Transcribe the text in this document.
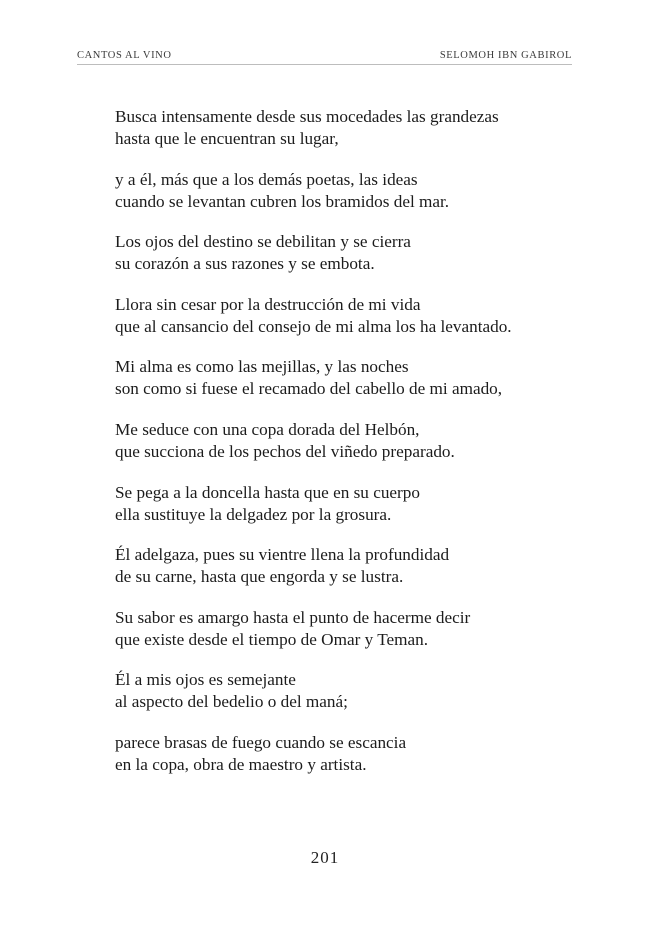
CANTOS AL VINO	SELOMOH IBN GABIROL
Busca intensamente desde sus mocedades las grandezas
hasta que le encuentran su lugar,
y a él, más que a los demás poetas, las ideas
cuando se levantan cubren los bramidos del mar.
Los ojos del destino se debilitan y se cierra
su corazón a sus razones y se embota.
Llora sin cesar por la destrucción de mi vida
que al cansancio del consejo de mi alma los ha levantado.
Mi alma es como las mejillas, y las noches
son como si fuese el recamado del cabello de mi amado,
Me seduce con una copa dorada del Helbón,
que succiona de los pechos del viñedo preparado.
Se pega a la doncella hasta que en su cuerpo
ella sustituye la delgadez por la grosura.
Él adelgaza, pues su vientre llena la profundidad
de su carne, hasta que engorda y se lustra.
Su sabor es amargo hasta el punto de hacerme decir
que existe desde el tiempo de Omar y Teman.
Él a mis ojos es semejante
al aspecto del bedelio o del maná;
parece brasas de fuego cuando se escancia
en la copa, obra de maestro y artista.
201
